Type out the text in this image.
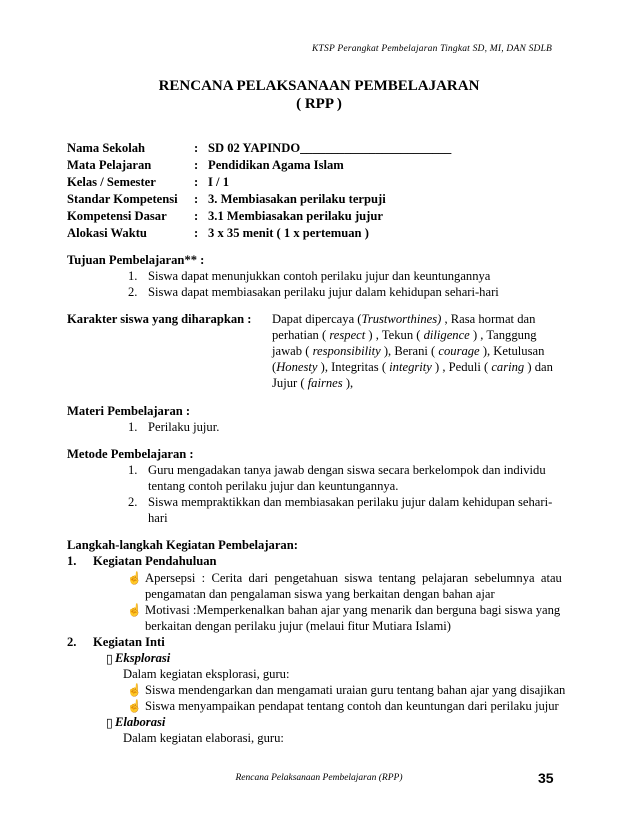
KTSP Perangkat Pembelajaran Tingkat SD, MI, DAN SDLB
RENCANA PELAKSANAAN PEMBELAJARAN
( RPP )
Nama Sekolah	: SD 02 YAPINDO________________________
Mata Pelajaran	: Pendidikan Agama Islam
Kelas / Semester	: I / 1
Standar Kompetensi : 3. Membiasakan perilaku terpuji
Kompetensi Dasar : 3.1 Membiasakan perilaku jujur
Alokasi Waktu	: 3 x 35 menit ( 1 x pertemuan )
Tujuan Pembelajaran** :
1. Siswa dapat menunjukkan contoh perilaku jujur dan keuntungannya
2. Siswa dapat membiasakan perilaku jujur dalam kehidupan sehari-hari
Karakter siswa yang diharapkan : Dapat dipercaya (Trustworthines) , Rasa hormat dan
perhatian ( respect ) , Tekun ( diligence ) , Tanggung
jawab ( responsibility ), Berani ( courage ), Ketulusan
(Honesty ), Integritas ( integrity ) , Peduli ( caring ) dan
Jujur ( fairnes ),
Materi Pembelajaran :
1. Perilaku jujur.
Metode Pembelajaran :
1. Guru mengadakan tanya jawab dengan siswa secara berkelompok dan individu
tentang contoh perilaku jujur dan keuntungannya.
2. Siswa mempraktikkan dan membiasakan perilaku jujur dalam kehidupan sehari-
hari
Langkah-langkah Kegiatan Pembelajaran:
1. Kegiatan Pendahuluan
☝ Apersepsi  :  Cerita  dari  pengetahuan  siswa  tentang  pelajaran  sebelumnya  atau
pengamatan dan pengalaman siswa yang berkaitan dengan bahan ajar
☝ Motivasi :Memperkenalkan bahan ajar yang menarik dan berguna bagi siswa yang
berkaitan dengan perilaku jujur (melaui fitur Mutiara Islami)
2. Kegiatan Inti
▯ Eksplorasi
Dalam kegiatan eksplorasi, guru:
☝ Siswa mendengarkan dan mengamati uraian guru tentang bahan ajar yang disajikan
☝ Siswa menyampaikan pendapat tentang contoh dan keuntungan dari perilaku jujur
▯ Elaborasi
Dalam kegiatan elaborasi, guru:
Rencana Pelaksanaan Pembelajaran (RPP)	35
